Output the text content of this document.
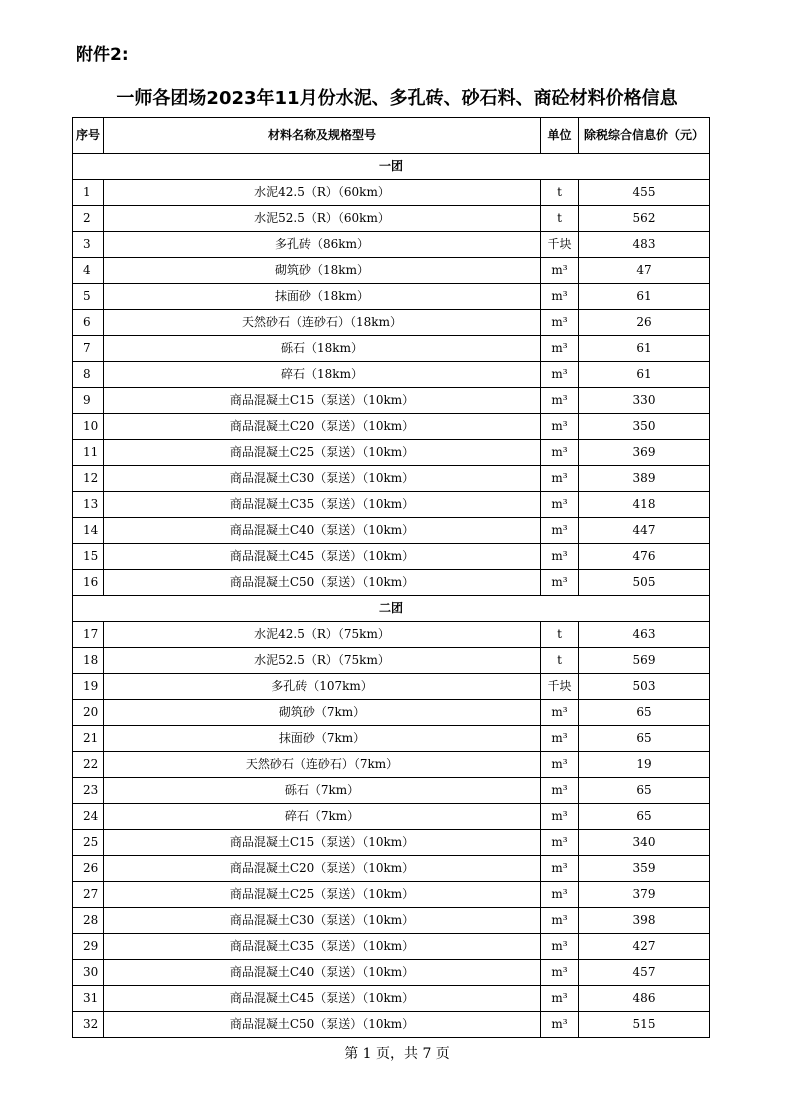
附件2:
一师各团场2023年11月份水泥、多孔砖、砂石料、商砼材料价格信息
序号	材料名称及规格型号	单位	除税综合信息价（元）
一团			
1	水泥42.5（R）（60km）	t	455
2	水泥52.5（R）（60km）	t	562
3	多孔砖（86km）	千块	483
4	砌筑砂（18km）	m³	47
5	抹面砂（18km）	m³	61
6	天然砂石（连砂石）（18km）	m³	26
7	砾石（18km）	m³	61
8	碎石（18km）	m³	61
9	商品混凝土C15（泵送）（10km）	m³	330
10	商品混凝土C20（泵送）（10km）	m³	350
11	商品混凝土C25（泵送）（10km）	m³	369
12	商品混凝土C30（泵送）（10km）	m³	389
13	商品混凝土C35（泵送）（10km）	m³	418
14	商品混凝土C40（泵送）（10km）	m³	447
15	商品混凝土C45（泵送）（10km）	m³	476
16	商品混凝土C50（泵送）（10km）	m³	505
二团			
17	水泥42.5（R）（75km）	t	463
18	水泥52.5（R）（75km）	t	569
19	多孔砖（107km）	千块	503
20	砌筑砂（7km）	m³	65
21	抹面砂（7km）	m³	65
22	天然砂石（连砂石）（7km）	m³	19
23	砾石（7km）	m³	65
24	碎石（7km）	m³	65
25	商品混凝土C15（泵送）（10km）	m³	340
26	商品混凝土C20（泵送）（10km）	m³	359
27	商品混凝土C25（泵送）（10km）	m³	379
28	商品混凝土C30（泵送）（10km）	m³	398
29	商品混凝土C35（泵送）（10km）	m³	427
30	商品混凝土C40（泵送）（10km）	m³	457
31	商品混凝土C45（泵送）（10km）	m³	486
32	商品混凝土C50（泵送）（10km）	m³	515
第 1 页，共 7 页
